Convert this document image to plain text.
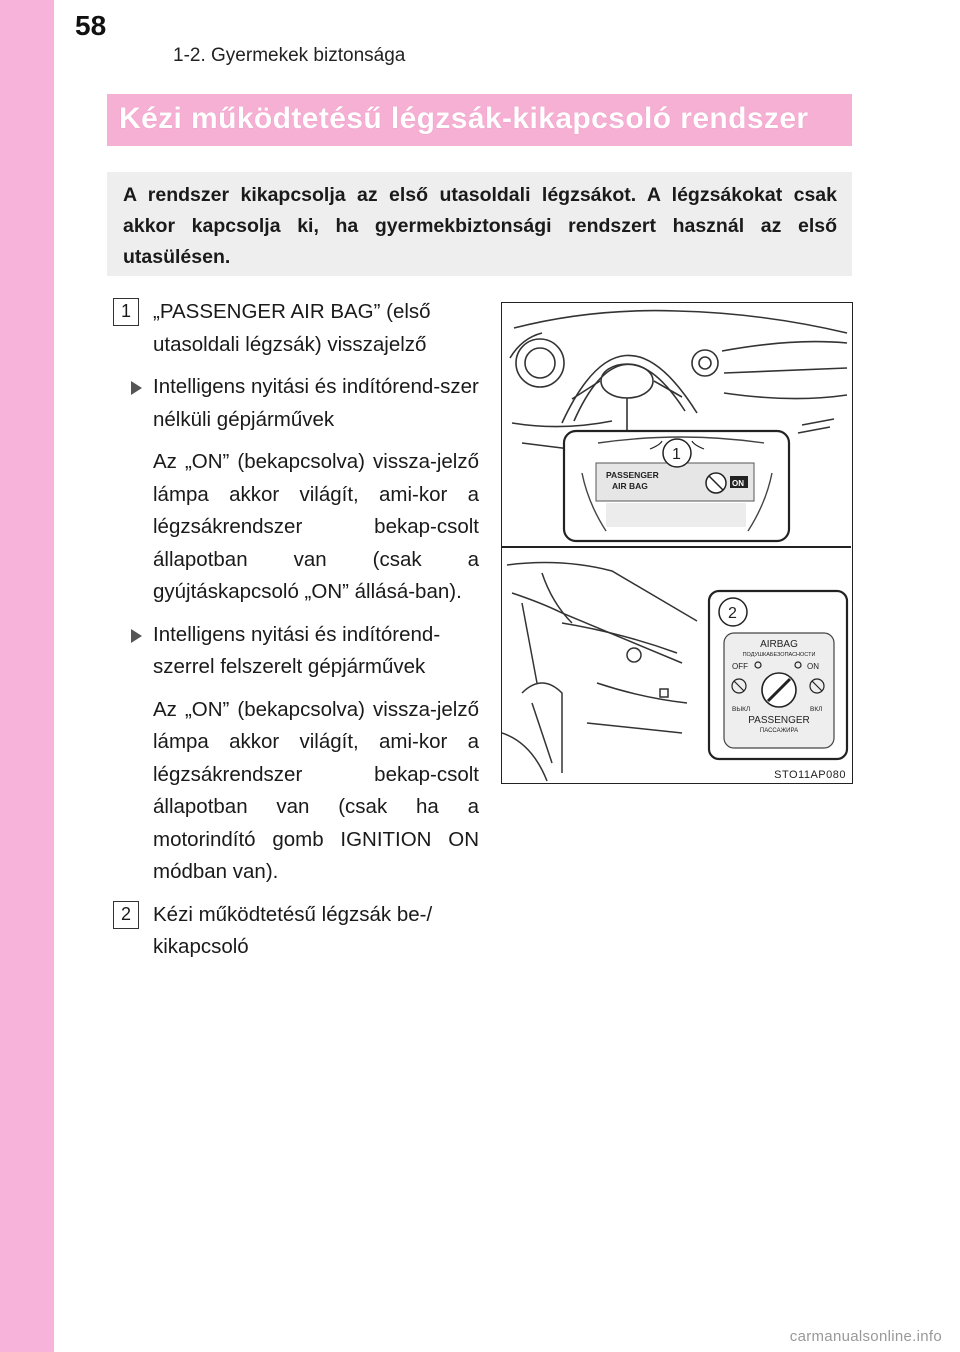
58
1-2. Gyermekek biztonsága
Kézi működtetésű légzsák-kikapcsoló rendszer

A rendszer kikapcsolja az első utasoldali légzsákot. A légzsákokat csak akkor kapcsolja ki, ha gyermekbiztonsági rendszert használ az első utasülésen.

1	„PASSENGER AIR BAG” (első utasoldali légzsák) visszajelző
Intelligens nyitási és indítórend-szer nélküli gépjárművek
Az „ON” (bekapcsolva) vissza-jelző lámpa akkor világít, ami-kor a légzsákrendszer bekap-csolt állapotban van (csak a gyújtáskapcsoló „ON” állásá-ban).
Intelligens nyitási és indítórend-szerrel felszerelt gépjárművek
Az „ON” (bekapcsolva) vissza-jelző lámpa akkor világít, ami-kor a légzsákrendszer bekap-csolt állapotban van (csak ha a motorindító gomb IGNITION ON módban van).
2	Kézi működtetésű légzsák be-/ kikapcsoló
PASSENGER
AIR BAG	ON
1
2
AIRBAG
ПОДУШКАБЕЗОПАСНОСТИ
OFF	ON
ВЫКЛ	ВКЛ
PASSENGER
ПАССАЖИРА
STO11AP080
carmanualsonline.info
